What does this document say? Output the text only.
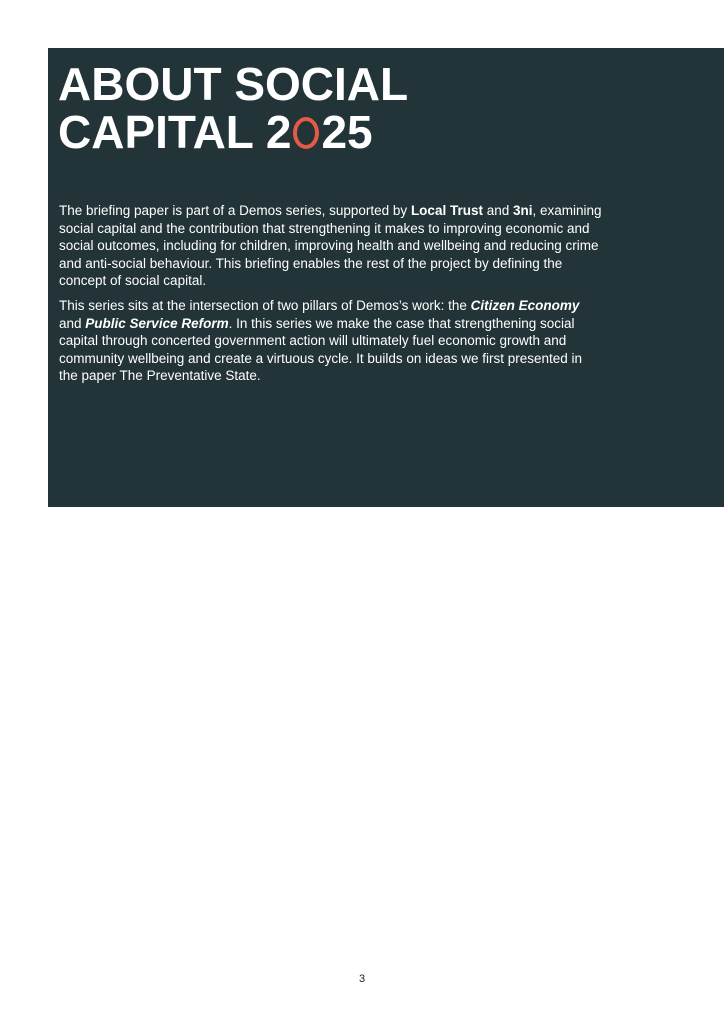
ABOUT SOCIAL
CAPITAL 2 25

The briefing paper is part of a Demos series, supported by Local Trust and 3ni, examining social capital and the contribution that strengthening it makes to improving economic and social outcomes, including for children, improving health and wellbeing and reducing crime and anti-social behaviour. This briefing enables the rest of the project by defining the concept of social capital.

This series sits at the intersection of two pillars of Demos’s work: the Citizen Economy and Public Service Reform. In this series we make the case that strengthening social capital through concerted government action will ultimately fuel economic growth and community wellbeing and create a virtuous cycle. It builds on ideas we first presented in the paper The Preventative State.

3
